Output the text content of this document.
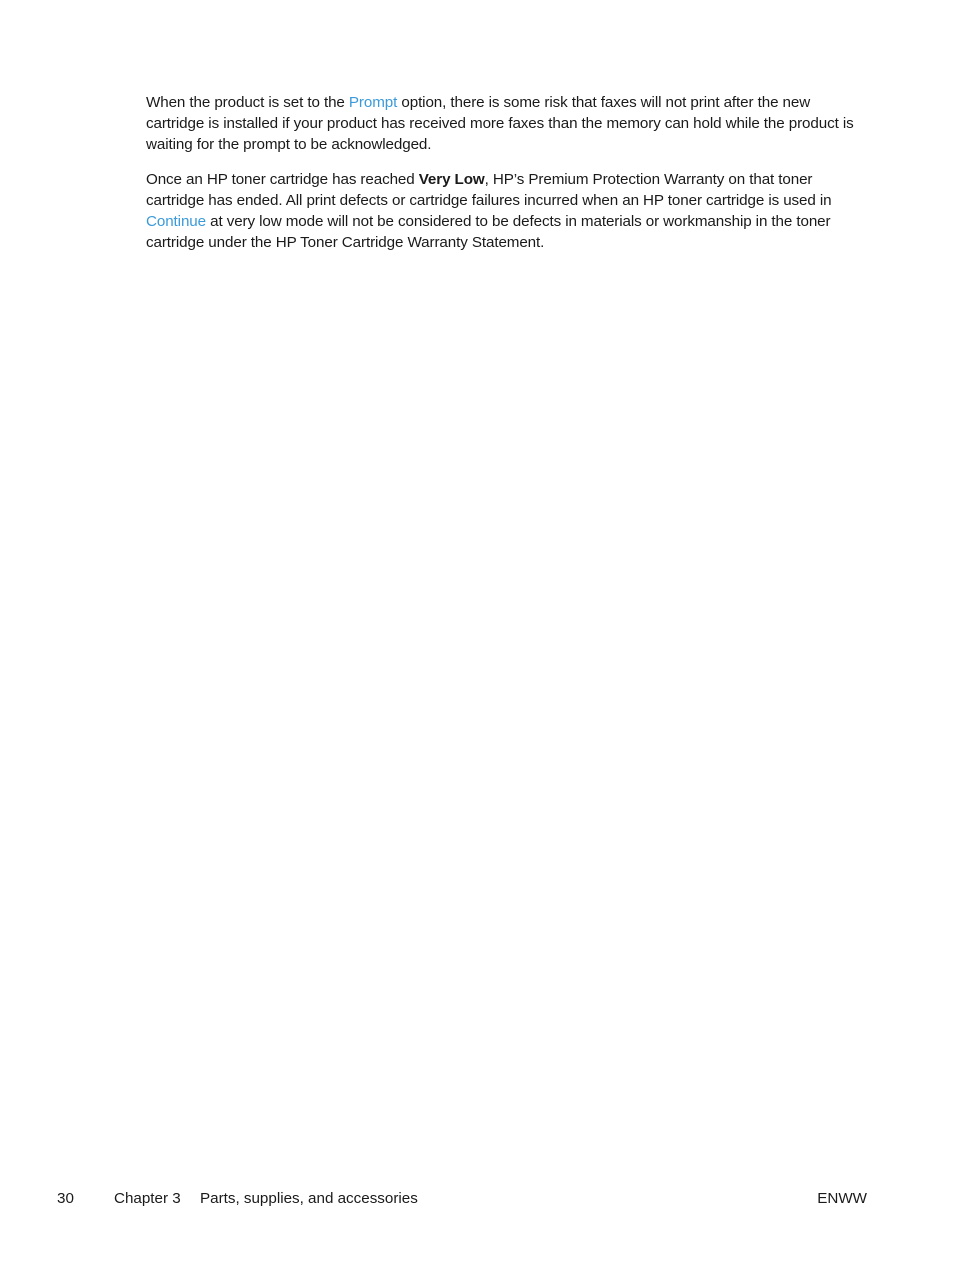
When the product is set to the Prompt option, there is some risk that faxes will not print after the new cartridge is installed if your product has received more faxes than the memory can hold while the product is waiting for the prompt to be acknowledged.

Once an HP toner cartridge has reached Very Low, HP’s Premium Protection Warranty on that toner cartridge has ended. All print defects or cartridge failures incurred when an HP toner cartridge is used in Continue at very low mode will not be considered to be defects in materials or workmanship in the toner cartridge under the HP Toner Cartridge Warranty Statement.

30	Chapter 3 Parts, supplies, and accessories	ENWW
